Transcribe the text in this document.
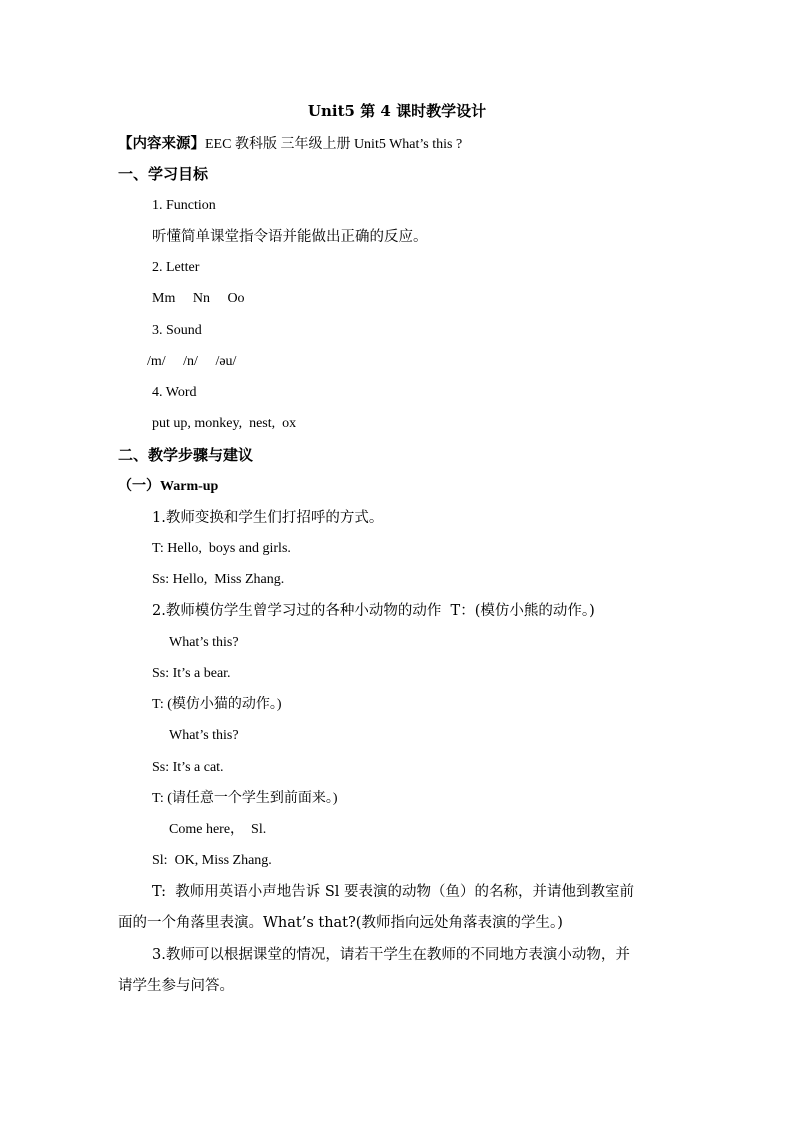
Unit5 第 4 课时教学设计
【内容来源】EEC 教科版 三年级上册 Unit5 What’s this ?
一、学习目标
1. Function
听懂简单课堂指令语并能做出正确的反应。
2. Letter
Mm     Nn     Oo
3. Sound
/m/     /n/     /əu/
4. Word
put up, monkey,  nest,  ox
二、教学步骤与建议
（一）Warm-up
1.教师变换和学生们打招呼的方式。
T: Hello,  boys and girls.
Ss: Hello,  Miss Zhang.
2.教师模仿学生曾学习过的各种小动物的动作  T：(模仿小熊的动作。)
What’s this?
Ss: It’s a bear.
T: (模仿小猫的动作。)
What’s this?
Ss: It’s a cat.
T: (请任意一个学生到前面来。)
Come here，  Sl.
Sl:  OK, Miss Zhang.
T:  教师用英语小声地告诉 Sl 要表演的动物（鱼）的名称，并请他到教室前
面的一个角落里表演。What’s that?(教师指向远处角落表演的学生。)
3.教师可以根据课堂的情况，请若干学生在教师的不同地方表演小动物，并
请学生参与问答。
